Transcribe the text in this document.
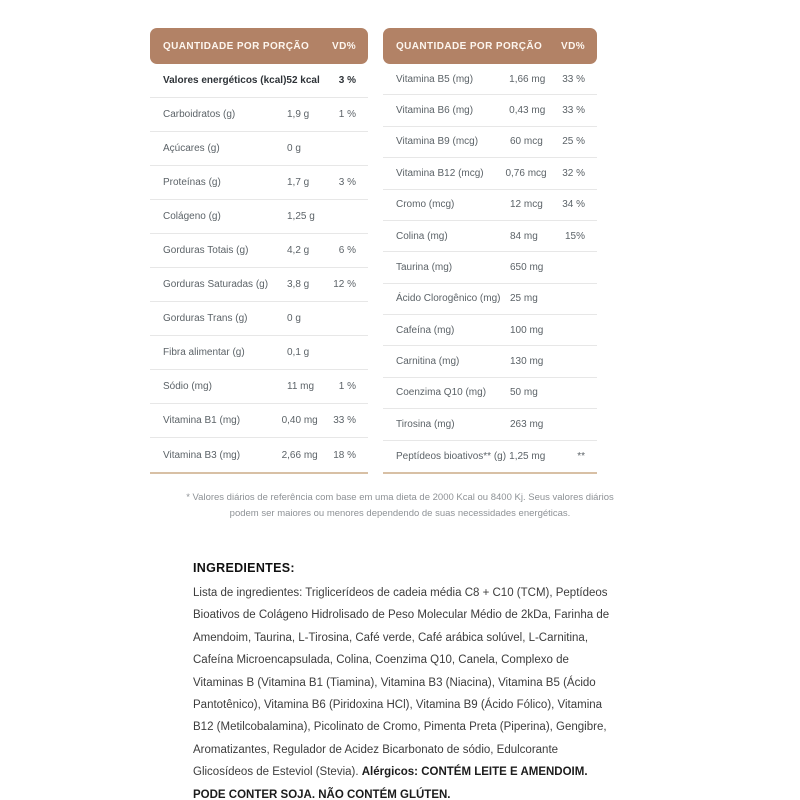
QUANTIDADE POR PORÇÃO VD%
Valores energéticos (kcal) 52 kcal	3 %
Carboidratos (g)	1,9 g	1 %
Açúcares (g)	0 g
Proteínas (g)	1,7 g	3 %
Colágeno (g)	1,25 g
Gorduras Totais (g)	4,2 g	6 %
Gorduras Saturadas (g)	3,8 g	12 %
Gorduras Trans (g)	0 g
Fibra alimentar (g)	0,1 g
Sódio (mg)	11 mg	1 %
Vitamina B1 (mg)	0,40 mg	33 %
Vitamina B3 (mg)	2,66 mg	18 %
QUANTIDADE POR PORÇÃO VD%
Vitamina B5 (mg)	1,66 mg	33 %
Vitamina B6 (mg)	0,43 mg	33 %
Vitamina B9 (mcg)	60 mcg	25 %
Vitamina B12 (mcg)	0,76 mcg	32 %
Cromo (mcg)	12 mcg	34 %
Colina (mg)	84 mg	15%
Taurina (mg)	650 mg
Ácido Clorogênico (mg) 25 mg
Cafeína (mg)	100 mg
Carnitina (mg)	130 mg
Coenzima Q10 (mg)	50 mg
Tirosina (mg)	263 mg
Peptídeos bioativos** (g) 1,25 mg	**
* Valores diários de referência com base em uma dieta de 2000 Kcal ou 8400 Kj. Seus valores diários
podem ser maiores ou menores dependendo de suas necessidades energéticas.
INGREDIENTES:

Lista de ingredientes: Triglicerídeos de cadeia média C8 + C10 (TCM), Peptídeos Bioativos de Colágeno Hidrolisado de Peso Molecular Médio de 2kDa, Farinha de Amendoim, Taurina, L-Tirosina, Café verde, Café arábica solúvel, L-Carnitina, Cafeína Microencapsulada, Colina, Coenzima Q10, Canela, Complexo de Vitaminas B (Vitamina B1 (Tiamina), Vitamina B3 (Niacina), Vitamina B5 (Ácido Pantotênico), Vitamina B6 (Piridoxina HCl), Vitamina B9 (Ácido Fólico), Vitamina B12 (Metilcobalamina), Picolinato de Cromo, Pimenta Preta (Piperina), Gengibre, Aromatizantes, Regulador de Acidez Bicarbonato de sódio, Edulcorante Glicosídeos de Esteviol (Stevia). Alérgicos: CONTÉM LEITE E AMENDOIM. PODE CONTER SOJA. NÃO CONTÉM GLÚTEN.
